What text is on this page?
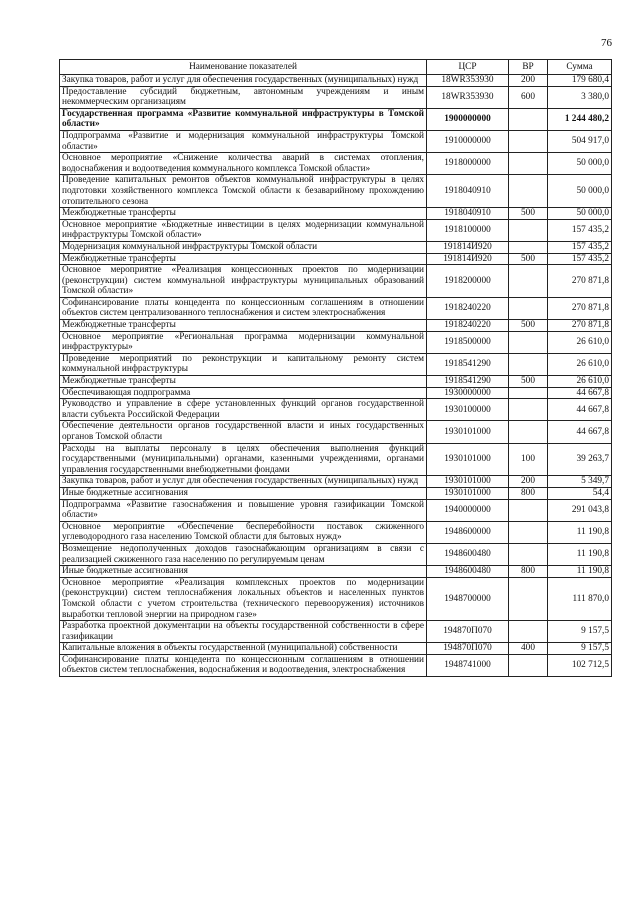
76
Наименование показателей	ЦСР	ВР	Сумма
Закупка товаров, работ и услуг для обеспечения государственных (муниципальных) нужд	18WR353930	200	179 680,4
Предоставление субсидий бюджетным, автономным учреждениям и иным некоммерческим организациям	18WR353930	600	3 380,0
Государственная программа «Развитие коммунальной инфраструктуры в Томской области»	1900000000		1 244 480,2
Подпрограмма «Развитие и модернизация коммунальной инфраструктуры Томской области»	1910000000		504 917,0
Основное мероприятие «Снижение количества аварий в системах отопления, водоснабжения и водоотведения коммунального комплекса Томской области»	1918000000		50 000,0
Проведение капитальных ремонтов объектов коммунальной инфраструктуры в целях подготовки хозяйственного комплекса Томской области к безаварийному прохождению отопительного сезона	1918040910		50 000,0
Межбюджетные трансферты	1918040910	500	50 000,0
Основное мероприятие «Бюджетные инвестиции в целях модернизации коммунальной инфраструктуры Томской области»	1918100000		157 435,2
Модернизация коммунальной инфраструктуры Томской области	191814И920		157 435,2
Межбюджетные трансферты	191814И920	500	157 435,2
Основное мероприятие «Реализация концессионных проектов по модернизации (реконструкции) систем коммунальной инфраструктуры муниципальных образований Томской области»	1918200000		270 871,8
Софинансирование платы концедента по концессионным соглашениям в отношении объектов систем централизованного теплоснабжения и систем электроснабжения	1918240220		270 871,8
Межбюджетные трансферты	1918240220	500	270 871,8
Основное мероприятие «Региональная программа модернизации коммунальной инфраструктуры»	1918500000		26 610,0
Проведение мероприятий по реконструкции и капитальному ремонту систем коммунальной инфраструктуры	1918541290		26 610,0
Межбюджетные трансферты	1918541290	500	26 610,0
Обеспечивающая подпрограмма	1930000000		44 667,8
Руководство и управление в сфере установленных функций органов государственной власти субъекта Российской Федерации	1930100000		44 667,8
Обеспечение деятельности органов государственной власти и иных государственных органов Томской области	1930101000		44 667,8
Расходы на выплаты персоналу в целях обеспечения выполнения функций государственными (муниципальными) органами, казенными учреждениями, органами управления государственными внебюджетными фондами	1930101000	100	39 263,7
Закупка товаров, работ и услуг для обеспечения государственных (муниципальных) нужд	1930101000	200	5 349,7
Иные бюджетные ассигнования	1930101000	800	54,4
Подпрограмма «Развитие газоснабжения и повышение уровня газификации Томской области»	1940000000		291 043,8
Основное мероприятие «Обеспечение бесперебойности поставок сжиженного углеводородного газа населению Томской области для бытовых нужд»	1948600000		11 190,8
Возмещение недополученных доходов газоснабжающим организациям в связи с реализацией сжиженного газа населению по регулируемым ценам	1948600480		11 190,8
Иные бюджетные ассигнования	1948600480	800	11 190,8
Основное мероприятие «Реализация комплексных проектов по модернизации (реконструкции) систем теплоснабжения локальных объектов и населенных пунктов Томской области с учетом строительства (технического перевооружения) источников выработки тепловой энергии на природном газе»	1948700000		111 870,0
Разработка проектной документации на объекты государственной собственности в сфере газификации	194870П070		9 157,5
Капитальные вложения в объекты государственной (муниципальной) собственности	194870П070	400	9 157,5
Софинансирование платы концедента по концессионным соглашениям в отношении объектов систем теплоснабжения, водоснабжения и водоотведения, электроснабжения	1948741000		102 712,5
